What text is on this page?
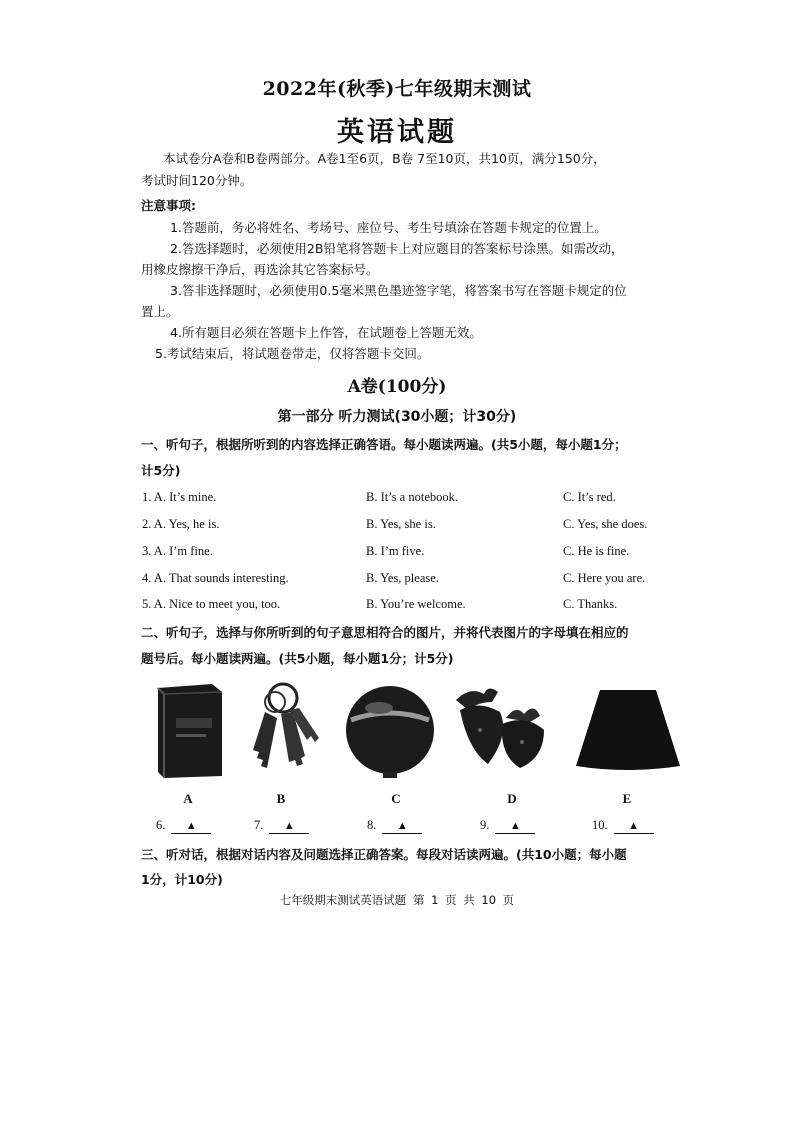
2022年(秋季)七年级期末测试
英语试题
本试卷分A卷和B卷两部分。A卷1至6页，B卷 7至10页，共10页，满分150分，
考试时间120分钟。
注意事项:
1.答题前，务必将姓名、考场号、座位号、考生号填涂在答题卡规定的位置上。
2.答选择题时，必须使用2B铅笔将答题卡上对应题目的答案标号涂黑。如需改动，
用橡皮擦擦干净后，再选涂其它答案标号。
3.答非选择题时，必须使用0.5毫米黑色墨迹签字笔，将答案书写在答题卡规定的位
置上。
4.所有题目必须在答题卡上作答，在试题卷上答题无效。
5.考试结束后，将试题卷带走，仅将答题卡交回。
A卷(100分)
第一部分 听力测试(30小题；计30分)
一、听句子，根据所听到的内容选择正确答语。每小题读两遍。(共5小题，每小题1分；
计5分)
1. A. It’s mine.	B. It’s a notebook.	C. It’s red.
2. A. Yes, he is.	B. Yes, she is.	C. Yes, she does.
3. A. I’m fine.	B. I’m five.	C. He is fine.
4. A. That sounds interesting.	B. Yes, please.	C. Here you are.
5. A. Nice to meet you, too.	B. You’re welcome.	C. Thanks.
二、听句子，选择与你所听到的句子意思相符合的图片，并将代表图片的字母填在相应的
题号后。每小题读两遍。(共5小题，每小题1分；计5分)
A	B	C	D	E
6. ▲	7. ▲	8. ▲	9. ▲	10. ▲
三、听对话，根据对话内容及问题选择正确答案。每段对话读两遍。(共10小题；每小题
1分，计10分)
七年级期末测试英语试题 第 1 页 共 10 页
